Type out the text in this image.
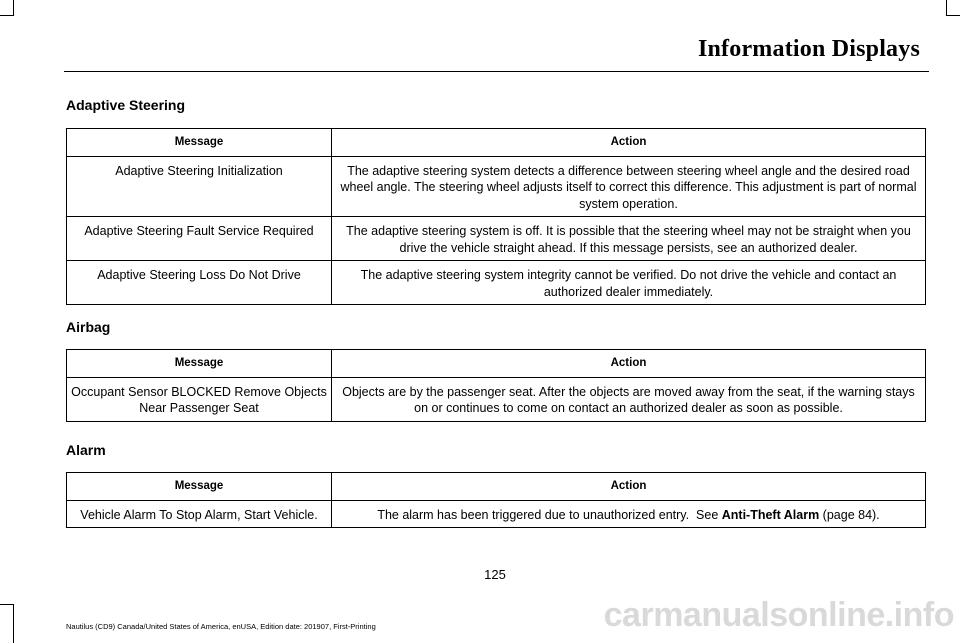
Information Displays
Adaptive Steering
Message	Action
Adaptive Steering Initialization	The adaptive steering system detects a difference between steering wheel angle and the desired road wheel angle. The steering wheel adjusts itself to correct this difference. This adjustment is part of normal system operation.
Adaptive Steering Fault Service Required	The adaptive steering system is off. It is possible that the steering wheel may not be straight when you drive the vehicle straight ahead. If this message persists, see an authorized dealer.
Adaptive Steering Loss Do Not Drive	The adaptive steering system integrity cannot be verified. Do not drive the vehicle and contact an authorized dealer immediately.
Airbag
Message	Action
Occupant Sensor BLOCKED Remove Objects Near Passenger Seat	Objects are by the passenger seat. After the objects are moved away from the seat, if the warning stays on or continues to come on contact an authorized dealer as soon as possible.
Alarm
Message	Action
Vehicle Alarm To Stop Alarm, Start Vehicle.	The alarm has been triggered due to unauthorized entry.  See Anti-Theft Alarm (page 84).
125
Nautilus (CD9) Canada/United States of America, enUSA, Edition date: 201907, First-Printing	carmanualsonline.info
